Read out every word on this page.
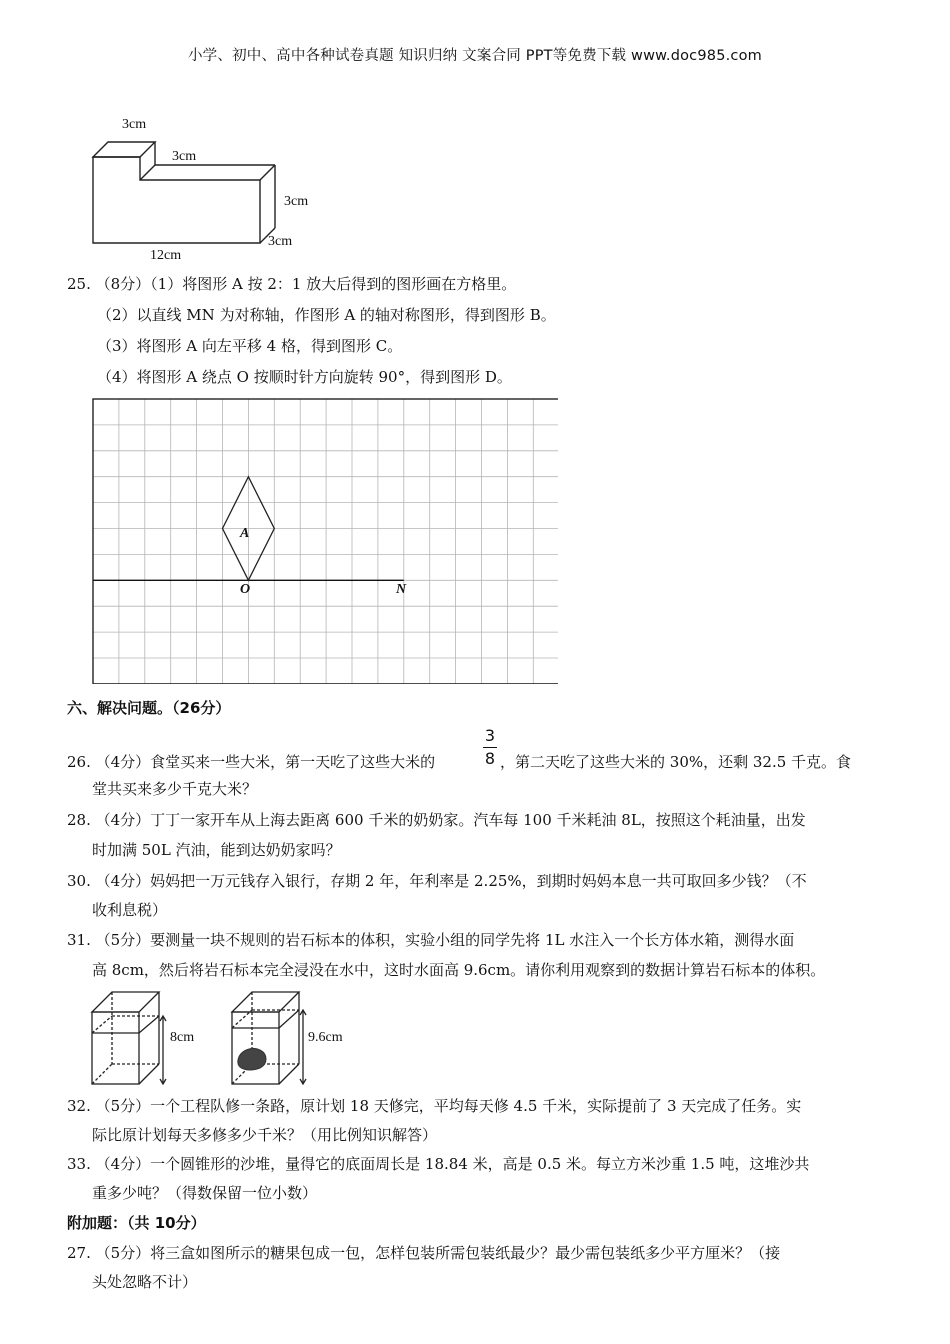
小学、初中、高中各种试卷真题 知识归纳 文案合同 PPT等免费下载 www.doc985.com
3cm
3cm
3cm
3cm
12cm
25. （8分）（1）将图形 A 按 2：1 放大后得到的图形画在方格里。
（2）以直线 MN 为对称轴，作图形 A 的轴对称图形，得到图形 B。
（3）将图形 A 向左平移 4 格，得到图形 C。
（4）将图形 A 绕点 O 按顺时针方向旋转 90°，得到图形 D。
A
O	N
六、解决问题。（26分）
3
8
26. （4分）食堂买来一些大米，第一天吃了这些大米的	，第二天吃了这些大米的 30%，还剩 32.5 千克。食
堂共买来多少千克大米？
28. （4分）丁丁一家开车从上海去距离 600 千米的奶奶家。汽车每 100 千米耗油 8L，按照这个耗油量，出发
时加满 50L 汽油，能到达奶奶家吗？
30. （4分）妈妈把一万元钱存入银行，存期 2 年，年利率是 2.25%，到期时妈妈本息一共可取回多少钱？（不
收利息税）
31. （5分）要测量一块不规则的岩石标本的体积，实验小组的同学先将 1L 水注入一个长方体水箱，测得水面
高 8cm，然后将岩石标本完全浸没在水中，这时水面高 9.6cm。请你利用观察到的数据计算岩石标本的体积。
8cm	9.6cm
32. （5分）一个工程队修一条路，原计划 18 天修完，平均每天修 4.5 千米，实际提前了 3 天完成了任务。实
际比原计划每天多修多少千米？（用比例知识解答）
33. （4分）一个圆锥形的沙堆，量得它的底面周长是 18.84 米，高是 0.5 米。每立方米沙重 1.5 吨，这堆沙共
重多少吨？（得数保留一位小数）
附加题：（共 10分）
27. （5分）将三盒如图所示的糖果包成一包，怎样包装所需包装纸最少？最少需包装纸多少平方厘米？（接
头处忽略不计）
